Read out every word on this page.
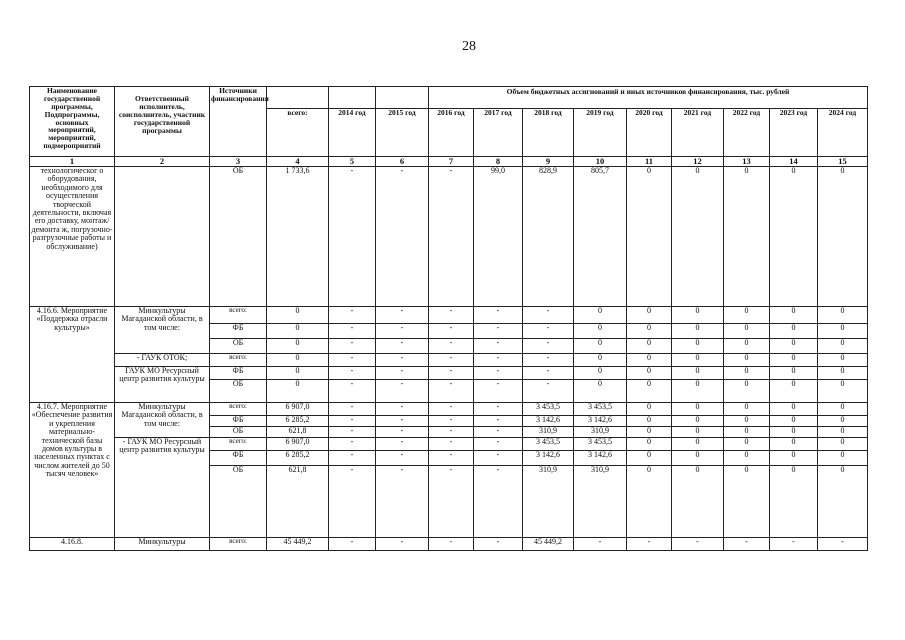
28
Наименование государственной программы, Подпрограммы, основных мероприятий, мероприятий, подмероприятий	Ответственный исполнитель, соисполнитель, участник государственной программы	Источники финансирования				Объем бюджетных ассигнований и иных источников финансирования, тыс. рублей								
			всего:	2014 год	2015 год	2016 год	2017 год	2018 год	2019 год	2020 год	2021 год	2022 год	2023 год	2024 год
1	2	3	4	5	6	7	8	9	10	11	12	13	14	15
технологическог о оборудования, необходимого для осуществления творческой деятельности, включая его доставку, монтаж/демонта ж, погрузочно-разгрузочные работы и обслуживание)		ОБ	1 733,6	-	-	-	99,0	828,9	805,7	0	0	0	0	0
4.16.6. Мероприятие «Поддержка отрасли культуры»	Минкультуры Магаданской области, в том числе:	всего:	0	-	-	-	-	-	0	0	0	0	0	0
		ФБ	0	-	-	-	-	-	0	0	0	0	0	0
		ОБ	0	-	-	-	-	-	0	0	0	0	0	0
	- ГАУК ОТОК;	всего:	0	-	-	-	-	-	0	0	0	0	0	0
	ГАУК МО Ресурсный центр развития культуры	ФБ	0	-	-	-	-	-	0	0	0	0	0	0
		ОБ	0	-	-	-	-	-	0	0	0	0	0	0
4.16.7. Мероприятие «Обеспечение развития и укрепления материально-технической базы домов культуры в населенных пунктах с числом жителей до 50 тысяч человек»	Минкультуры Магаданской области, в том числе:	всего:	6 907,0	-	-	-	-	3 453,5	3 453,5	0	0	0	0	0
		ФБ	6 285,2	-	-	-	-	3 142,6	3 142,6	0	0	0	0	0
		ОБ	621,8	-	-	-	-	310,9	310,9	0	0	0	0	0
	- ГАУК МО Ресурсный центр развития культуры	всего:	6 907,0	-	-	-	-	3 453,5	3 453,5	0	0	0	0	0
		ФБ	6 285,2	-	-	-	-	3 142,6	3 142,6	0	0	0	0	0
		ОБ	621,8	-	-	-	-	310,9	310,9	0	0	0	0	0
4.16.8.	Минкультуры	всего:	45 449,2	-	-	-	-	45 449,2	-	-	-	-	-	-
